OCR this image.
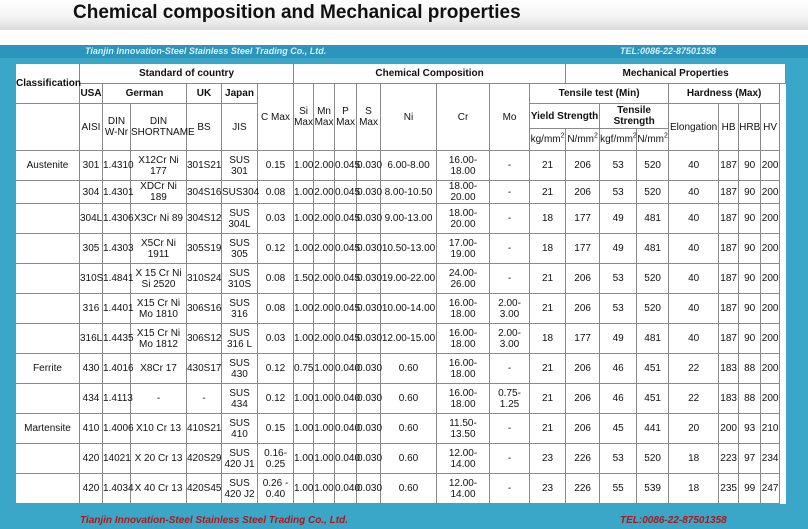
Chemical composition and Mechanical properties
Tianjin Innovation-Steel Stainless Steel Trading Co., Ltd.	TEL:0086-22-87501358
Tianjin Innovation-Steel Stainless Steel Trading Co., Ltd.	TEL:0086-22-87501358
Classification	Standard of country						Chemical Composition								Mechanical Properties						
	USA	German		UK	Japan	C Max	Si Max	Mn Max	P Max	S Max	Ni	Cr	Mo	Tensile test (Min)				Hardness (Max)			
	AISI	DIN W-Nr	DIN SHORTNAME	BS	JIS									Yield Strength		Tensile Strength		Elongation	HB	HRB	HV
														$kg/mm^2$	$N/mm^2$	kgf/$mm^2$	$N/mm^2$
Austenite	301	1.4310	X12Cr Ni 177	301S21	SUS 301	0.15	1.00	2.00	0.045	0.030	6.00-8.00	16.00-18.00	-	21	206	53	520	40	187	90	200
	304	1.4301	XDCr Ni 189	304S16	SUS304	0.08	1.00	2.00	0.045	0.030	8.00-10.50	18.00-20.00	-	21	206	53	520	40	187	90	200
	304L	1.4306	X3Cr Ni 89	304S12	SUS 304L	0.03	1.00	2.00	0.045	0.030	9.00-13.00	18.00-20.00	-	18	177	49	481	40	187	90	200
	305	1.4303	X5Cr Ni 1911	305S19	SUS 305	0.12	1.00	2.00	0.045	0.030	10.50-13.00	17.00-19.00	-	18	177	49	481	40	187	90	200
	310S	1.4841	X 15 Cr Ni Si 2520	310S24	SUS 310S	0.08	1.50	2.00	0.045	0.030	19.00-22.00	24.00-26.00	-	21	206	53	520	40	187	90	200
	316	1.4401	X15 Cr Ni Mo 1810	306S16	SUS 316	0.08	1.00	2.00	0.045	0.030	10.00-14.00	16.00-18.00	2.00-3.00	21	206	53	520	40	187	90	200
	316L	1.4435	X15 Cr Ni Mo 1812	306S12	SUS 316 L	0.03	1.00	2.00	0.045	0.030	12.00-15.00	16.00-18.00	2.00-3.00	18	177	49	481	40	187	90	200
Ferrite	430	1.4016	X8Cr 17	430S17	SUS 430	0.12	0.75	1.00	0.040	0.030	0.60	16.00-18.00	-	21	206	46	451	22	183	88	200
	434	1.4113	-	-	SUS 434	0.12	1.00	1.00	0.040	0.030	0.60	16.00-18.00	0.75-1.25	21	206	46	451	22	183	88	200
Martensite	410	1.4006	X10 Cr 13	410S21	SUS 410	0.15	1.00	1.00	0.040	0.030	0.60	11.50-13.50	-	21	206	45	441	20	200	93	210
	420	14021	X 20 Cr 13	420S29	SUS 420 J1	0.16-0.25	1.00	1.00	0.040	0.030	0.60	12.00-14.00	-	23	226	53	520	18	223	97	234
	420	1.4034	X 40 Cr 13	420S45	SUS 420 J2	0.26 - 0.40	1.00	1.00	0.040	0.030	0.60	12.00-14.00	-	23	226	55	539	18	235	99	247
